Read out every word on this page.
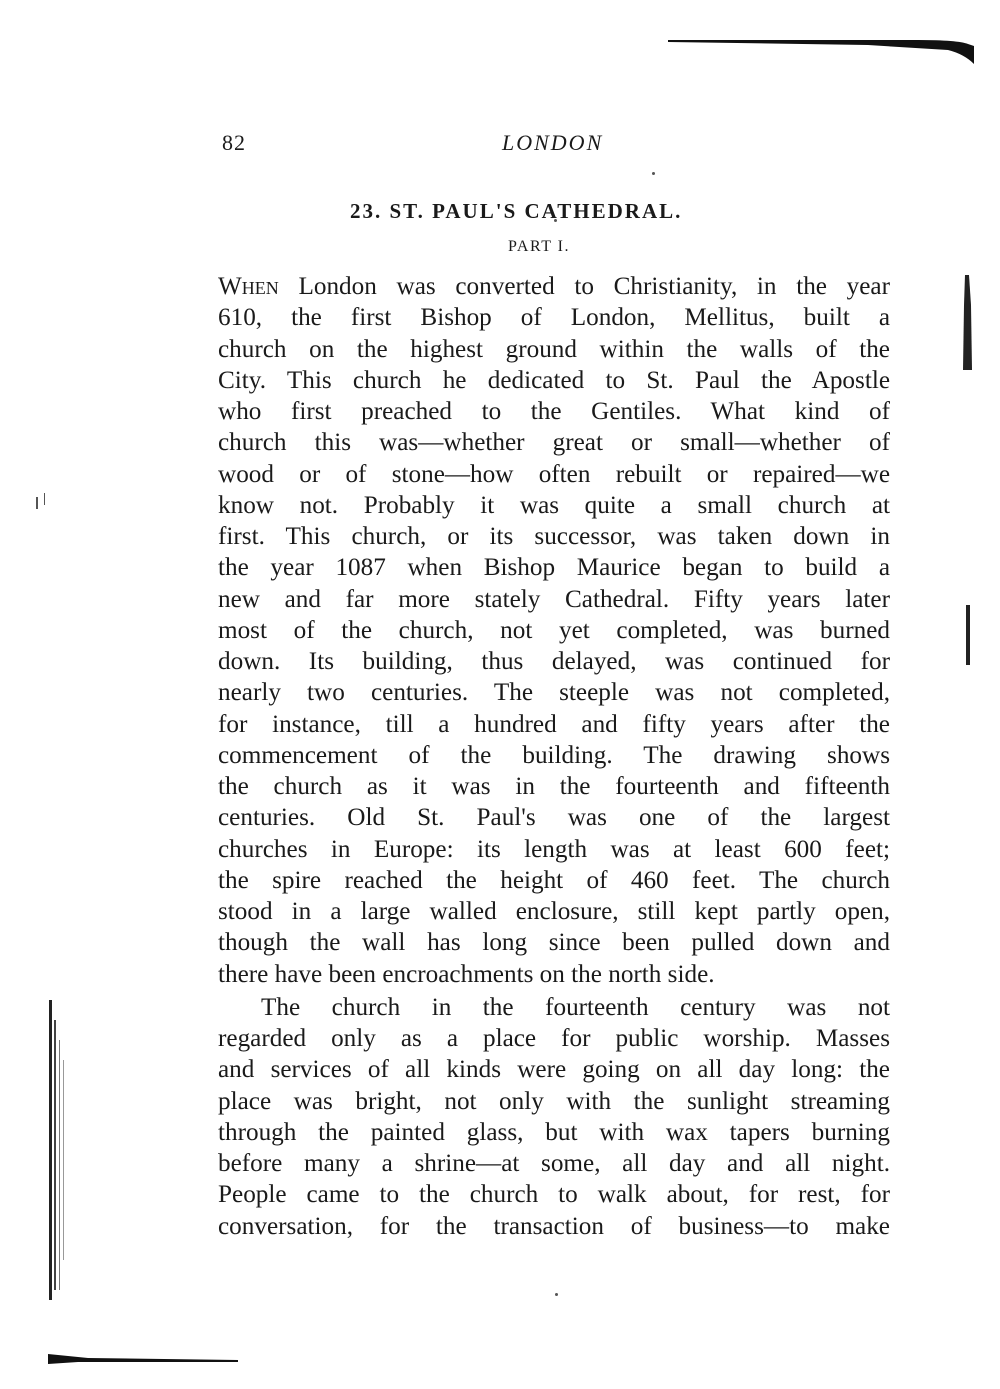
82	LONDON
23. ST. PAUL'S CATHEDRAL.
PART I.
When London was converted to Christianity, in the year
610, the first Bishop of London, Mellitus, built a
church on the highest ground within the walls of the
City. This church he dedicated to St. Paul the Apostle
who first preached to the Gentiles. What kind of
church this was—whether great or small—whether of
wood or of stone—how often rebuilt or repaired—we
know not. Probably it was quite a small church at
first. This church, or its successor, was taken down in
the year 1087 when Bishop Maurice began to build a
new and far more stately Cathedral. Fifty years later
most of the church, not yet completed, was burned
down. Its building, thus delayed, was continued for
nearly two centuries. The steeple was not completed,
for instance, till a hundred and fifty years after the
commencement of the building. The drawing shows
the church as it was in the fourteenth and fifteenth
centuries. Old St. Paul's was one of the largest
churches in Europe: its length was at least 600 feet;
the spire reached the height of 460 feet. The church
stood in a large walled enclosure, still kept partly open,
though the wall has long since been pulled down and
there have been encroachments on the north side.
The church in the fourteenth century was not
regarded only as a place for public worship. Masses
and services of all kinds were going on all day long: the
place was bright, not only with the sunlight streaming
through the painted glass, but with wax tapers burning
before many a shrine—at some, all day and all night.
People came to the church to walk about, for rest, for
conversation, for the transaction of business—to make
